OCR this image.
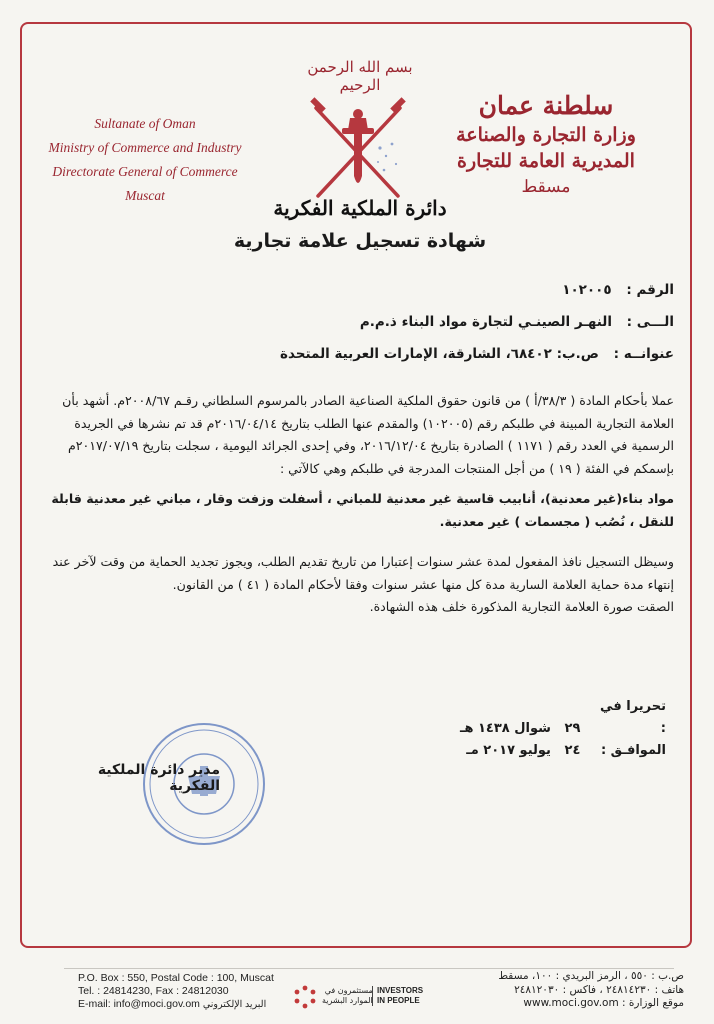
Sultanate of Oman
Ministry of Commerce and Industry
Directorate General of Commerce
Muscat
سلطنة عمان
وزارة التجارة والصناعة
المديرية العامة للتجارة
مسقط
بسم الله الرحمن الرحيم
دائرة الملكية الفكرية
شهادة تسجيل علامة تجارية
الرقم : ١٠٢٠٠٥
الـــى : النهـر الصينـي لتجارة مواد البناء ذ.م.م
عنوانــه : ص.ب: ٦٨٤٠٢، الشارقة، الإمارات العربية المتحدة

عملا بأحكام المادة ( ٣٨/٣/أ ) من قانون حقوق الملكية الصناعية الصادر بالمرسوم السلطاني رقـم ٢٠٠٨/٦٧م. أشهد بأن العلامة التجارية المبينة في طلبكم رقم (١٠٢٠٠٥) والمقدم عنها الطلب بتاريخ ٢٠١٦/٠٤/١٤م قد تم نشرها في الجريدة الرسمية في العدد رقم ( ١١٧١ ) الصادرة بتاريخ ٢٠١٦/١٢/٠٤، وفي إحدى الجرائد اليومية ، سجلت بتاريخ ٢٠١٧/٠٧/١٩م بإسمكم في الفئة ( ١٩ ) من أجل المنتجات المدرجة في طلبكم وهي كالآتي :

مواد بناء(غير معدنية)، أنابيب قاسية غير معدنية للمباني ، أسفلت وزفت وقار ، مباني غير معدنية قابلة للنقل ، نُصُب ( مجسمات ) غير معدنية.

وسيظل التسجيل نافذ المفعول لمدة عشر سنوات إعتبارا من تاريخ تقديم الطلب، ويجوز تجديد الحماية من وقت لآخر عند إنتهاء مدة حماية العلامة السارية مدة كل منها عشر سنوات وفقا لأحكام المادة ( ٤١ ) من القانون.

الصقت صورة العلامة التجارية المذكورة خلف هذه الشهادة.

تحريرا في : ٢٩ شوال ١٤٣٨ هـ
الموافـق : ٢٤ يوليو ٢٠١٧ مـ
مدير دائرة الملكية الفكرية
P.O. Box : 550, Postal Code : 100, Muscat
Tel. : 24814230, Fax : 24812030
E-mail: info@moci.gov.om البريد الإلكتروني
مستثمرون في
الموارد البشرية
INVESTORS
IN PEOPLE
ص.ب : ٥٥٠ ، الرمز البريدي : ١٠٠، مسقط
هاتف : ٢٤٨١٤٢٣٠ ، فاكس : ٢٤٨١٢٠٣٠
موقع الوزارة : www.moci.gov.om
